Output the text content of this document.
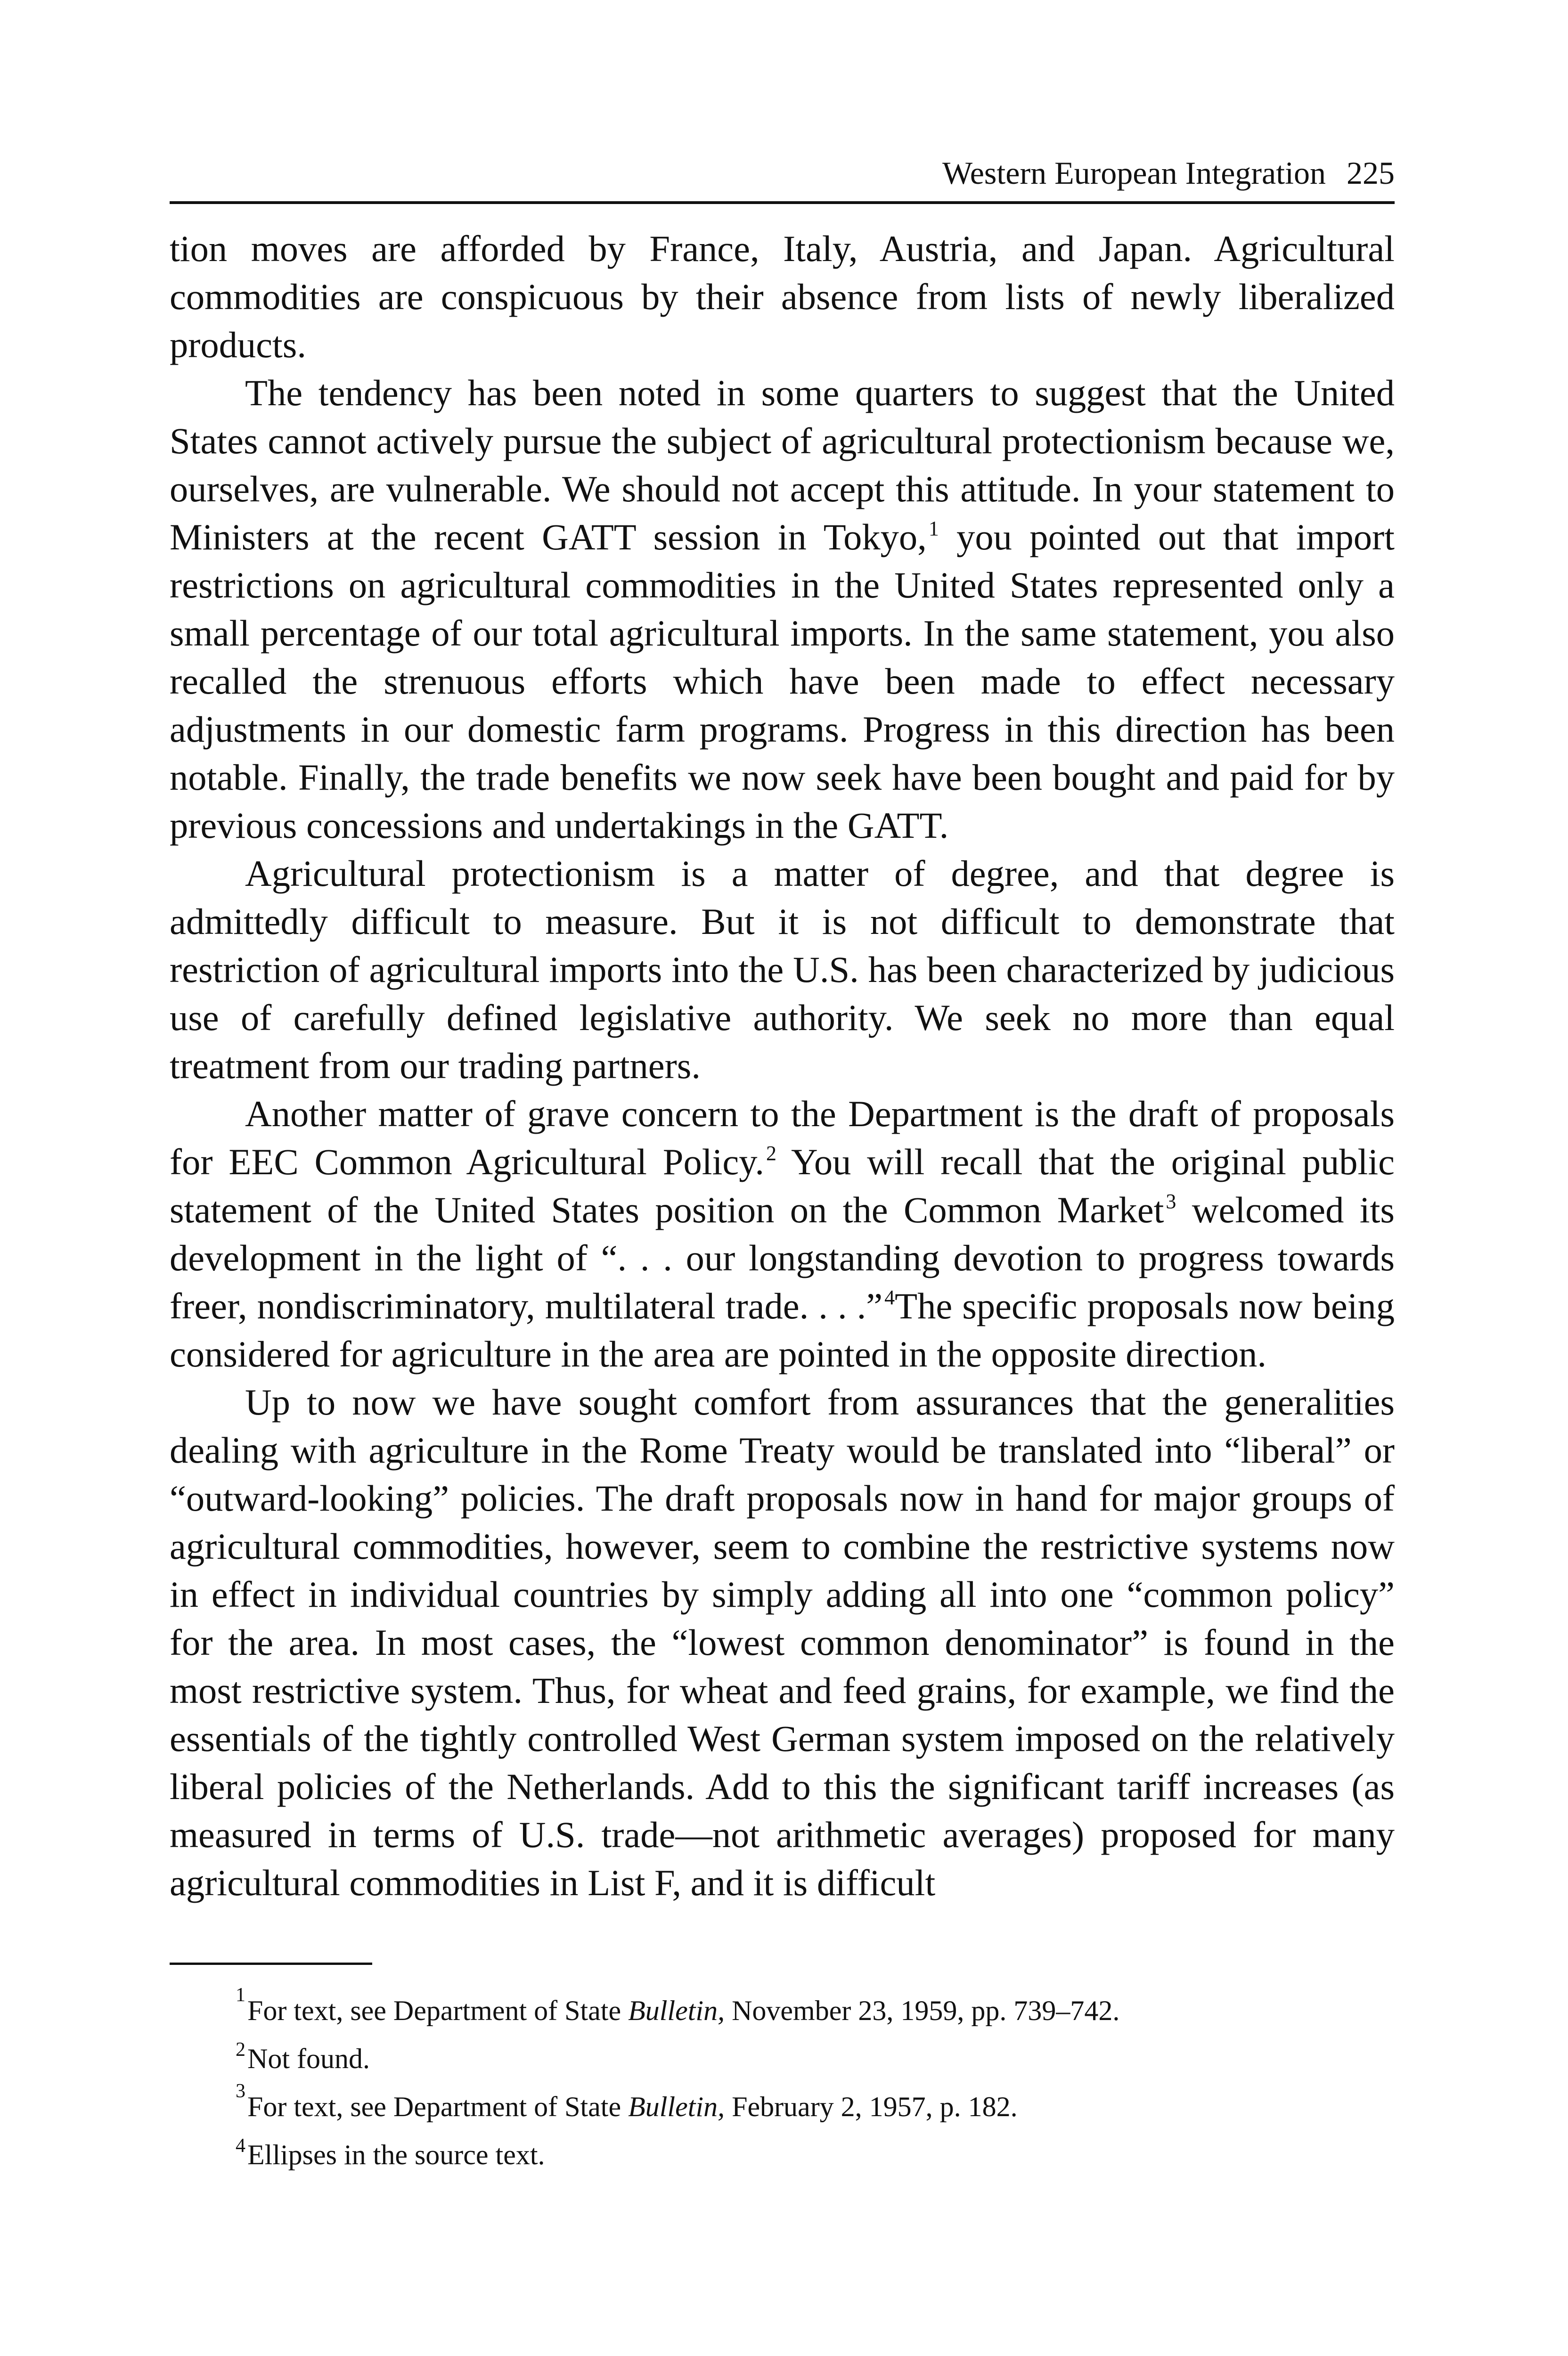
Western European Integration 225

tion moves are afforded by France, Italy, Austria, and Japan. Agricultural commodities are conspicuous by their absence from lists of newly liberalized products.

The tendency has been noted in some quarters to suggest that the United States cannot actively pursue the subject of agricultural protectionism because we, ourselves, are vulnerable. We should not accept this attitude. In your statement to Ministers at the recent GATT session in Tokyo,$^1$ you pointed out that import restrictions on agricultural commodities in the United States represented only a small percentage of our total agricultural imports. In the same statement, you also recalled the strenuous efforts which have been made to effect necessary adjustments in our domestic farm programs. Progress in this direction has been notable. Finally, the trade benefits we now seek have been bought and paid for by previous concessions and undertakings in the GATT.

Agricultural protectionism is a matter of degree, and that degree is admittedly difficult to measure. But it is not difficult to demonstrate that restriction of agricultural imports into the U.S. has been characterized by judicious use of carefully defined legislative authority. We seek no more than equal treatment from our trading partners.

Another matter of grave concern to the Department is the draft of proposals for EEC Common Agricultural Policy.$^2$ You will recall that the original public statement of the United States position on the Common Market$^3$ welcomed its development in the light of “. . . our longstanding devotion to progress towards freer, nondiscriminatory, multilateral trade. . . .”$^4$The specific proposals now being considered for agriculture in the area are pointed in the opposite direction.

Up to now we have sought comfort from assurances that the generalities dealing with agriculture in the Rome Treaty would be translated into “liberal” or “outward-looking” policies. The draft proposals now in hand for major groups of agricultural commodities, however, seem to combine the restrictive systems now in effect in individual countries by simply adding all into one “common policy” for the area. In most cases, the “lowest common denominator” is found in the most restrictive system. Thus, for wheat and feed grains, for example, we find the essentials of the tightly controlled West German system imposed on the relatively liberal policies of the Netherlands. Add to this the significant tariff increases (as measured in terms of U.S. trade—not arithmetic averages) proposed for many agricultural commodities in List F, and it is difficult

$^1$For text, see Department of State Bulletin, November 23, 1959, pp. 739–742.
$^2$Not found.
$^3$For text, see Department of State Bulletin, February 2, 1957, p. 182.
$^4$Ellipses in the source text.
